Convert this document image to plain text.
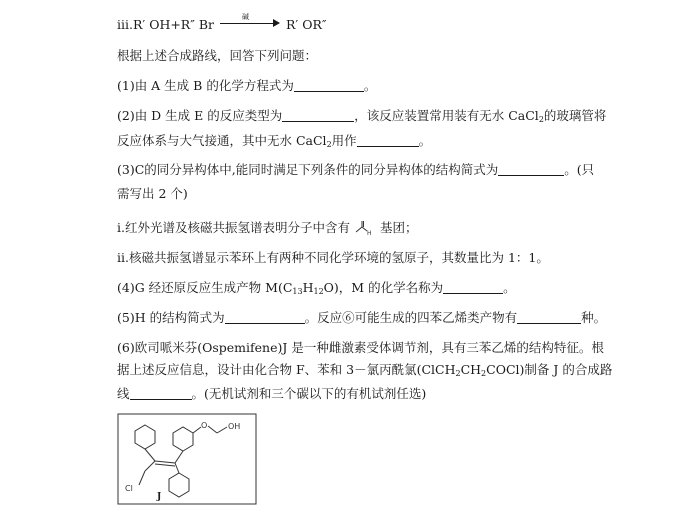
iii.R′ OH+R″ Br	碱	R′ OR″
根据上述合成路线，回答下列问题：
(1)由 A 生成 B 的化学方程式为	。
(2)由 D 生成 E 的反应类型为	，该反应装置常用装有无水 CaCl$_2$的玻璃管将
反应体系与大气接通，其中无水 CaCl$_2$用作	。
(3)C的同分异构体中,能同时满足下列条件的同分异构体的结构简式为	。(只
需写出 2 个)
i.红外光谱及核磁共振氢谱表明分子中含有	H 基团；
ii.核磁共振氢谱显示苯环上有两种不同化学环境的氢原子，其数量比为 1：1。
(4)G 经还原反应生成产物 $M(C_{13}H_{12}O)$，M 的化学名称为	。
(5)H 的结构简式为	。反应⑥可能生成的四苯乙烯类产物有	种。
(6)欧司哌米芬(Ospemifene)J 是一种雌激素受体调节剂，具有三苯乙烯的结构特征。根
据上述反应信息，设计由化合物 F、苯和 3－氯丙酰氯$(ClCH_2CH_2COCl)$制备 J 的合成路
线	。(无机试剂和三个碳以下的有机试剂任选)
O	OH
Cl
J
